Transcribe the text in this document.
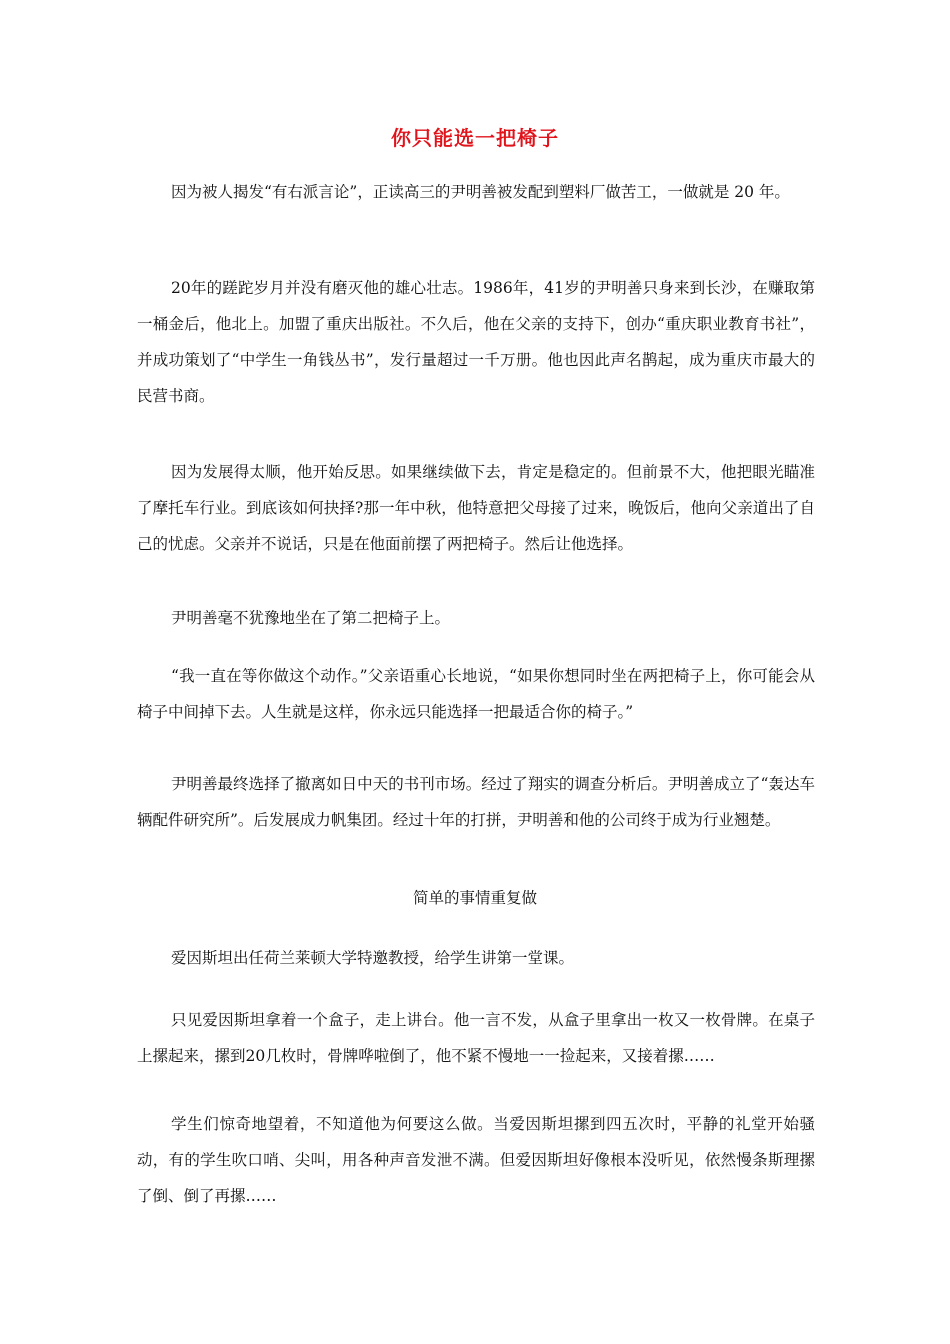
你只能选一把椅子

因为被人揭发“有右派言论”，正读高三的尹明善被发配到塑料厂做苦工，一做就是 20 年。

20年的蹉跎岁月并没有磨灭他的雄心壮志。1986年，41岁的尹明善只身来到长沙，在赚取第一桶金后，他北上。加盟了重庆出版社。不久后，他在父亲的支持下，创办“重庆职业教育书社”，并成功策划了“中学生一角钱丛书”，发行量超过一千万册。他也因此声名鹊起，成为重庆市最大的民营书商。

因为发展得太顺，他开始反思。如果继续做下去，肯定是稳定的。但前景不大，他把眼光瞄准了摩托车行业。到底该如何抉择?那一年中秋，他特意把父母接了过来，晚饭后，他向父亲道出了自己的忧虑。父亲并不说话，只是在他面前摆了两把椅子。然后让他选择。

尹明善毫不犹豫地坐在了第二把椅子上。

“我一直在等你做这个动作。”父亲语重心长地说，“如果你想同时坐在两把椅子上，你可能会从椅子中间掉下去。人生就是这样，你永远只能选择一把最适合你的椅子。”

尹明善最终选择了撤离如日中天的书刊市场。经过了翔实的调查分析后。尹明善成立了“轰达车辆配件研究所”。后发展成力帆集团。经过十年的打拼，尹明善和他的公司终于成为行业翘楚。

简单的事情重复做

爱因斯坦出任荷兰莱顿大学特邀教授，给学生讲第一堂课。

只见爱因斯坦拿着一个盒子，走上讲台。他一言不发，从盒子里拿出一枚又一枚骨牌。在桌子上摞起来，摞到20几枚时，骨牌哗啦倒了，他不紧不慢地一一捡起来，又接着摞……

学生们惊奇地望着，不知道他为何要这么做。当爱因斯坦摞到四五次时，平静的礼堂开始骚动，有的学生吹口哨、尖叫，用各种声音发泄不满。但爱因斯坦好像根本没听见，依然慢条斯理摞了倒、倒了再摞……
